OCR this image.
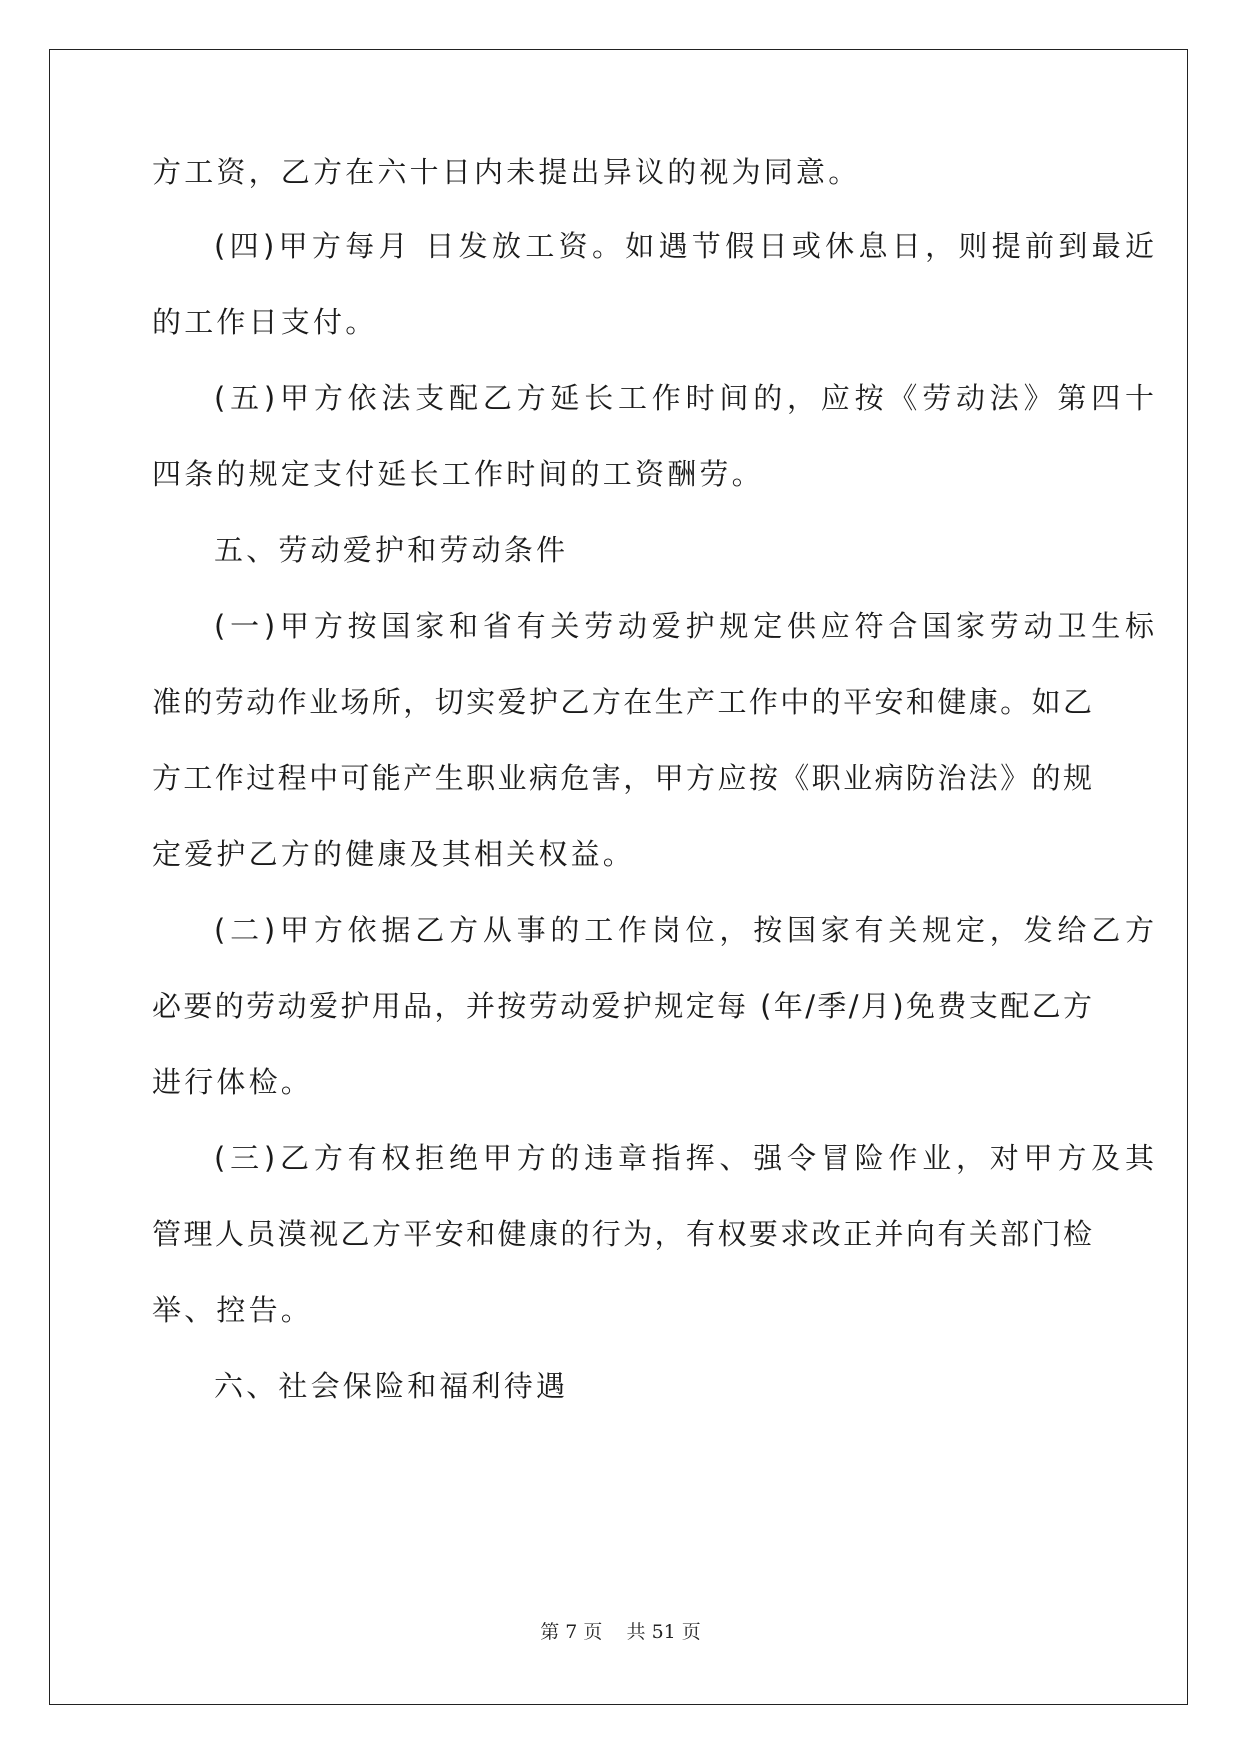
方工资，乙方在六十日内未提出异议的视为同意。
(四)甲方每月 日发放工资。如遇节假日或休息日，则提前到最近
的工作日支付。
(五)甲方依法支配乙方延长工作时间的，应按《劳动法》第四十
四条的规定支付延长工作时间的工资酬劳。
五、劳动爱护和劳动条件
(一)甲方按国家和省有关劳动爱护规定供应符合国家劳动卫生标
准的劳动作业场所，切实爱护乙方在生产工作中的平安和健康。如乙
方工作过程中可能产生职业病危害，甲方应按《职业病防治法》的规
定爱护乙方的健康及其相关权益。
(二)甲方依据乙方从事的工作岗位，按国家有关规定，发给乙方
必要的劳动爱护用品，并按劳动爱护规定每 (年/季/月)免费支配乙方
进行体检。
(三)乙方有权拒绝甲方的违章指挥、强令冒险作业，对甲方及其
管理人员漠视乙方平安和健康的行为，有权要求改正并向有关部门检
举、控告。
六、社会保险和福利待遇
第 7 页    共 51 页
